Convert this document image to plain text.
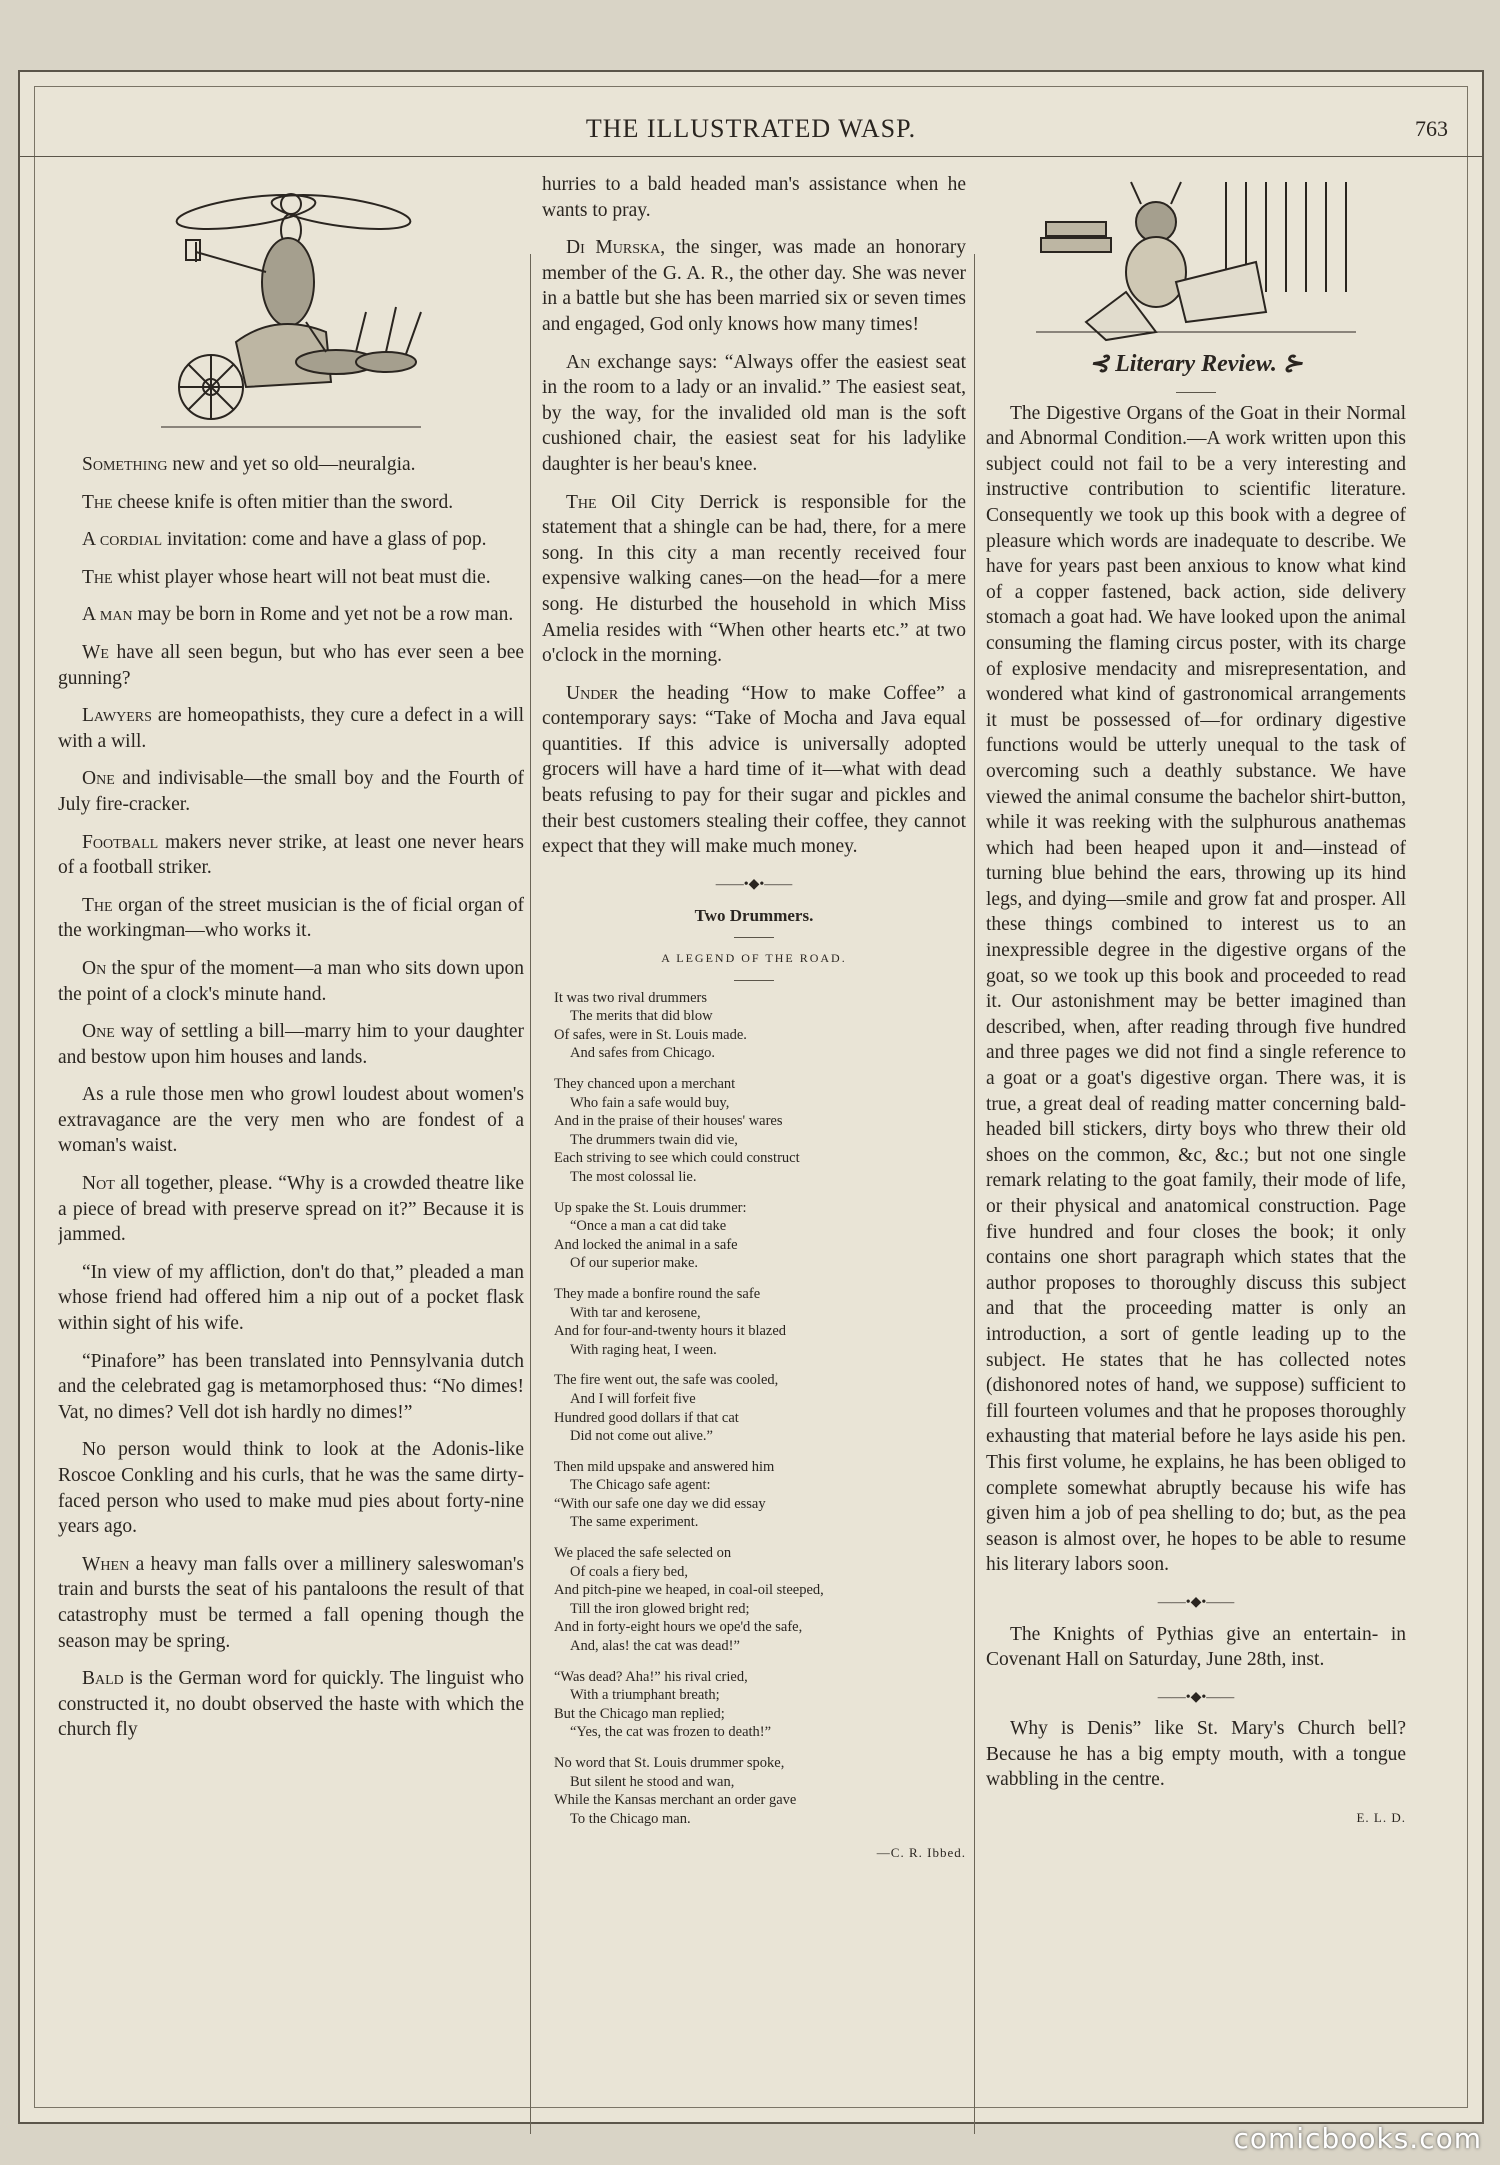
THE ILLUSTRATED WASP.	763

Something new and yet so old—neuralgia.

The cheese knife is often mitier than the sword.

A cordial invitation: come and have a glass of pop.

The whist player whose heart will not beat must die.

A man may be born in Rome and yet not be a row man.

We have all seen begun, but who has ever seen a bee gunning?

Lawyers are homeopathists, they cure a defect in a will with a will.

One and indivisable—the small boy and the Fourth of July fire-cracker.

Football makers never strike, at least one never hears of a football striker.

The organ of the street musician is the of ficial organ of the workingman—who works it.

On the spur of the moment—a man who sits down upon the point of a clock's minute hand.

One way of settling a bill—marry him to your daughter and bestow upon him houses and lands.

As a rule those men who growl loudest about women's extravagance are the very men who are fondest of a woman's waist.

Not all together, please. “Why is a crowded theatre like a piece of bread with preserve spread on it?” Because it is jammed.

“In view of my affliction, don't do that,” pleaded a man whose friend had offered him a nip out of a pocket flask within sight of his wife.

“Pinafore” has been translated into Pennsylvania dutch and the celebrated gag is metamorphosed thus: “No dimes! Vat, no dimes? Vell dot ish hardly no dimes!”

No person would think to look at the Adonis-like Roscoe Conkling and his curls, that he was the same dirty-faced person who used to make mud pies about forty-nine years ago.

When a heavy man falls over a millinery saleswoman's train and bursts the seat of his pantaloons the result of that catastrophy must be termed a fall opening though the season may be spring.

Bald is the German word for quickly. The linguist who constructed it, no doubt observed the haste with which the church fly

hurries to a bald headed man's assistance when he wants to pray.

Di Murska, the singer, was made an honorary member of the G. A. R., the other day. She was never in a battle but she has been married six or seven times and engaged, God only knows how many times!

An exchange says: “Always offer the easiest seat in the room to a lady or an invalid.” The easiest seat, by the way, for the invalided old man is the soft cushioned chair, the easiest seat for his ladylike daughter is her beau's knee.

The Oil City Derrick is responsible for the statement that a shingle can be had, there, for a mere song. In this city a man recently received four expensive walking canes—on the head—for a mere song. He disturbed the household in which Miss Amelia resides with “When other hearts etc.” at two o'clock in the morning.

Under the heading “How to make Coffee” a contemporary says: “Take of Mocha and Java equal quantities. If this advice is universally adopted grocers will have a hard time of it—what with dead beats refusing to pay for their sugar and pickles and their best customers stealing their coffee, they cannot expect that they will make much money.

——•◆•——
Two Drummers.
A LEGEND OF THE ROAD.
It was two rival drummers
The merits that did blow
Of safes, were in St. Louis made.
And safes from Chicago.
They chanced upon a merchant
Who fain a safe would buy,
And in the praise of their houses' wares
The drummers twain did vie,
Each striving to see which could construct
The most colossal lie.
Up spake the St. Louis drummer:
“Once a man a cat did take
And locked the animal in a safe
Of our superior make.
They made a bonfire round the safe
With tar and kerosene,
And for four-and-twenty hours it blazed
With raging heat, I ween.
The fire went out, the safe was cooled,
And I will forfeit five
Hundred good dollars if that cat
Did not come out alive.”
Then mild upspake and answered him
The Chicago safe agent:
“With our safe one day we did essay
The same experiment.
We placed the safe selected on
Of coals a fiery bed,
And pitch-pine we heaped, in coal-oil steeped,
Till the iron glowed bright red;
And in forty-eight hours we ope'd the safe,
And, alas! the cat was dead!”
“Was dead? Aha!” his rival cried,
With a triumphant breath;
But the Chicago man replied;
“Yes, the cat was frozen to death!”
No word that St. Louis drummer spoke,
But silent he stood and wan,
While the Kansas merchant an order gave
To the Chicago man.
—C. R. Ibbed.
⊰ Literary Review. ⊱

The Digestive Organs of the Goat in their Normal and Abnormal Condition.—A work written upon this subject could not fail to be a very interesting and instructive contribution to scientific literature. Consequently we took up this book with a degree of pleasure which words are inadequate to describe. We have for years past been anxious to know what kind of a copper fastened, back action, side delivery stomach a goat had. We have looked upon the animal consuming the flaming circus poster, with its charge of explosive mendacity and misrepresentation, and wondered what kind of gastronomical arrangements it must be possessed of—for ordinary digestive functions would be utterly unequal to the task of overcoming such a deathly substance. We have viewed the animal consume the bachelor shirt-button, while it was reeking with the sulphurous anathemas which had been heaped upon it and—instead of turning blue behind the ears, throwing up its hind legs, and dying—smile and grow fat and prosper. All these things combined to interest us to an inexpressible degree in the digestive organs of the goat, so we took up this book and proceeded to read it. Our astonishment may be better imagined than described, when, after reading through five hundred and three pages we did not find a single reference to a goat or a goat's digestive organ. There was, it is true, a great deal of reading matter concerning bald-headed bill stickers, dirty boys who threw their old shoes on the common, &c, &c.; but not one single remark relating to the goat family, their mode of life, or their physical and anatomical construction. Page five hundred and four closes the book; it only contains one short paragraph which states that the author proposes to thoroughly discuss this subject and that the proceeding matter is only an introduction, a sort of gentle leading up to the subject. He states that he has collected notes (dishonored notes of hand, we suppose) sufficient to fill fourteen volumes and that he proposes thoroughly exhausting that material before he lays aside his pen. This first volume, he explains, he has been obliged to complete somewhat abruptly because his wife has given him a job of pea shelling to do; but, as the pea season is almost over, he hopes to be able to resume his literary labors soon.

——•◆•——

The Knights of Pythias give an entertain- in Covenant Hall on Saturday, June 28th, inst.

——•◆•——

Why is Denis” like St. Mary's Church bell? Because he has a big empty mouth, with a tongue wabbling in the centre.

E. L. D.
comicbooks.com
